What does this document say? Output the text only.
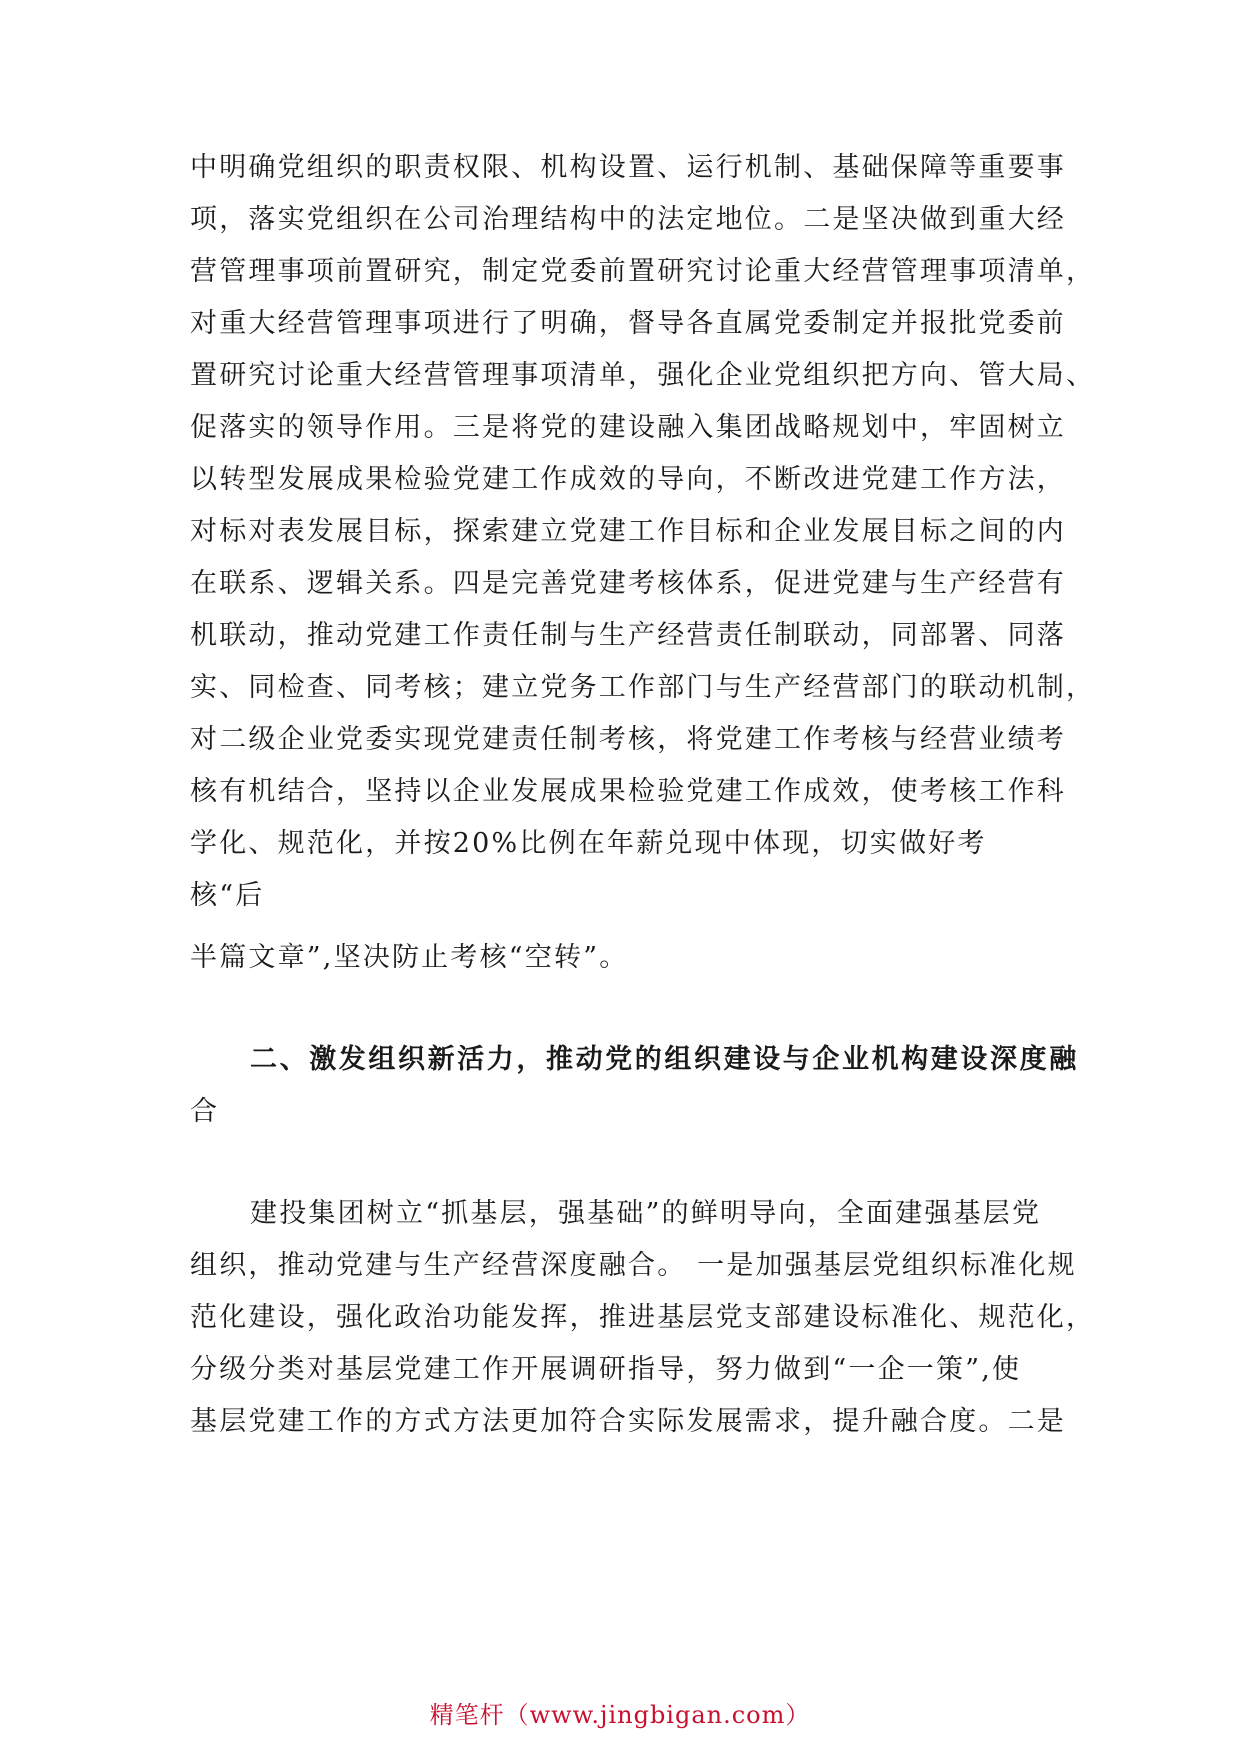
中明确党组织的职责权限、机构设置、运行机制、基础保障等重要事
项，落实党组织在公司治理结构中的法定地位。二是坚决做到重大经
营管理事项前置研究，制定党委前置研究讨论重大经营管理事项清单，
对重大经营管理事项进行了明确，督导各直属党委制定并报批党委前
置研究讨论重大经营管理事项清单，强化企业党组织把方向、管大局、
促落实的领导作用。三是将党的建设融入集团战略规划中，牢固树立
以转型发展成果检验党建工作成效的导向，不断改进党建工作方法，
对标对表发展目标，探索建立党建工作目标和企业发展目标之间的内
在联系、逻辑关系。四是完善党建考核体系，促进党建与生产经营有
机联动，推动党建工作责任制与生产经营责任制联动，同部署、同落
实、同检查、同考核；建立党务工作部门与生产经营部门的联动机制，
对二级企业党委实现党建责任制考核，将党建工作考核与经营业绩考
核有机结合，坚持以企业发展成果检验党建工作成效，使考核工作科
学化、规范化，并按20%比例在年薪兑现中体现，切实做好考
核“后
半篇文章”,坚决防止考核“空转”。
二、激发组织新活力，推动党的组织建设与企业机构建设深度融
合
建投集团树立“抓基层，强基础”的鲜明导向，全面建强基层党
组织，推动党建与生产经营深度融合。 一是加强基层党组织标准化规
范化建设，强化政治功能发挥，推进基层党支部建设标准化、规范化，
分级分类对基层党建工作开展调研指导，努力做到“一企一策”,使
基层党建工作的方式方法更加符合实际发展需求，提升融合度。二是
精笔杆（www.jingbigan.com）
